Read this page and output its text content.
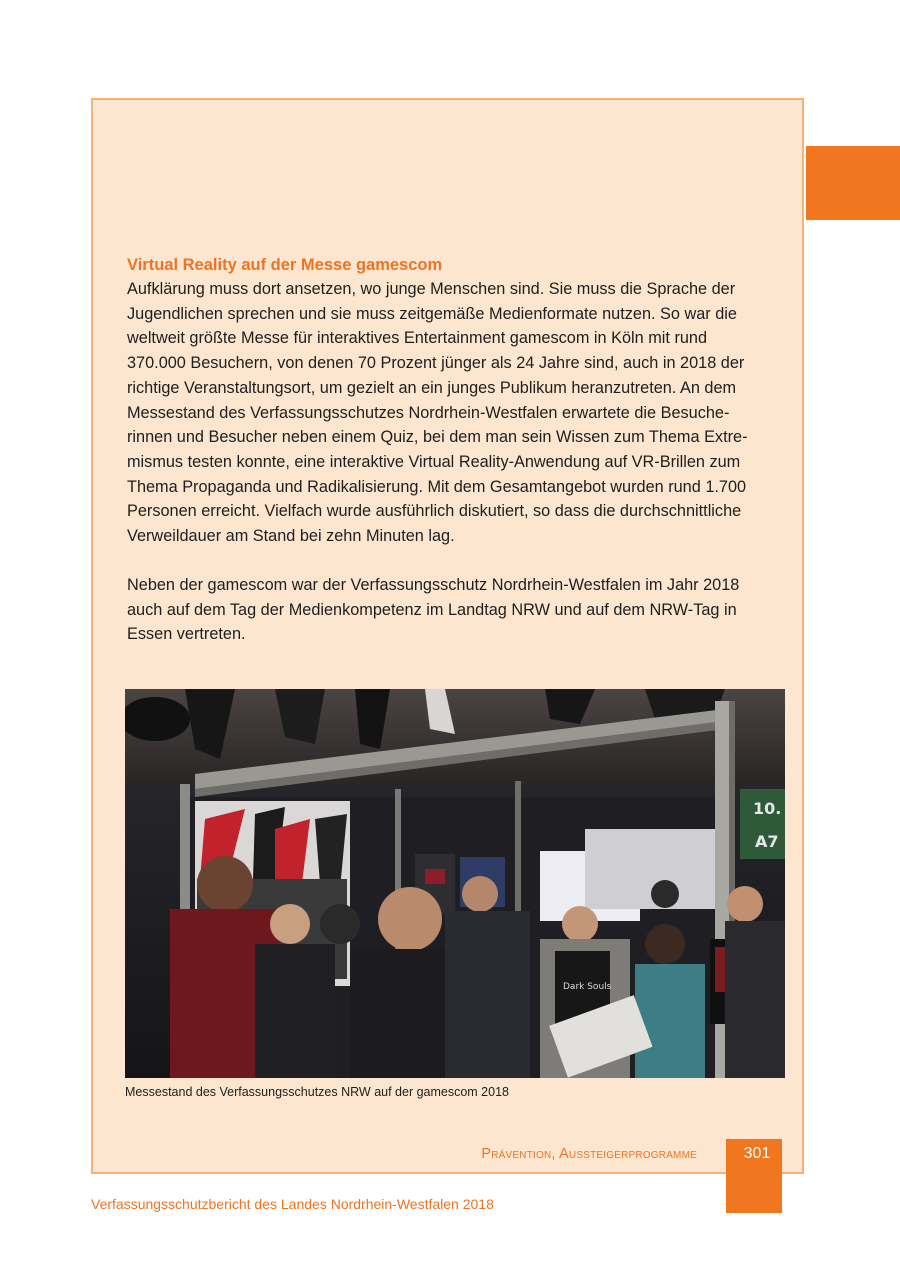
Virtual Reality auf der Messe gamescom

Aufklärung muss dort ansetzen, wo junge Menschen sind. Sie muss die Sprache der
Jugendlichen sprechen und sie muss zeitgemäße Medienformate nutzen. So war die
weltweit größte Messe für interaktives Entertainment gamescom in Köln mit rund
370.000 Besuchern, von denen 70 Prozent jünger als 24 Jahre sind, auch in 2018 der
richtige Veranstaltungsort, um gezielt an ein junges Publikum heranzutreten. An dem
Messestand des Verfassungsschutzes Nordrhein-Westfalen erwartete die Besuche-
rinnen und Besucher neben einem Quiz, bei dem man sein Wissen zum Thema Extre-
mismus testen konnte, eine interaktive Virtual Reality-Anwendung auf VR-Brillen zum
Thema Propaganda und Radikalisierung. Mit dem Gesamtangebot wurden rund 1.700
Personen erreicht. Vielfach wurde ausführlich diskutiert, so dass die durchschnittliche
Verweildauer am Stand bei zehn Minuten lag.

Neben der gamescom war der Verfassungsschutz Nordrhein-Westfalen im Jahr 2018
auch auf dem Tag der Medienkompetenz im Landtag NRW und auf dem NRW-Tag in
Essen vertreten.

10.
A7
Dark Souls

Messestand des Verfassungsschutzes NRW auf der gamescom 2018

Prävention, Aussteigerprogramme	301
Verfassungsschutzbericht des Landes Nordrhein-Westfalen 2018
